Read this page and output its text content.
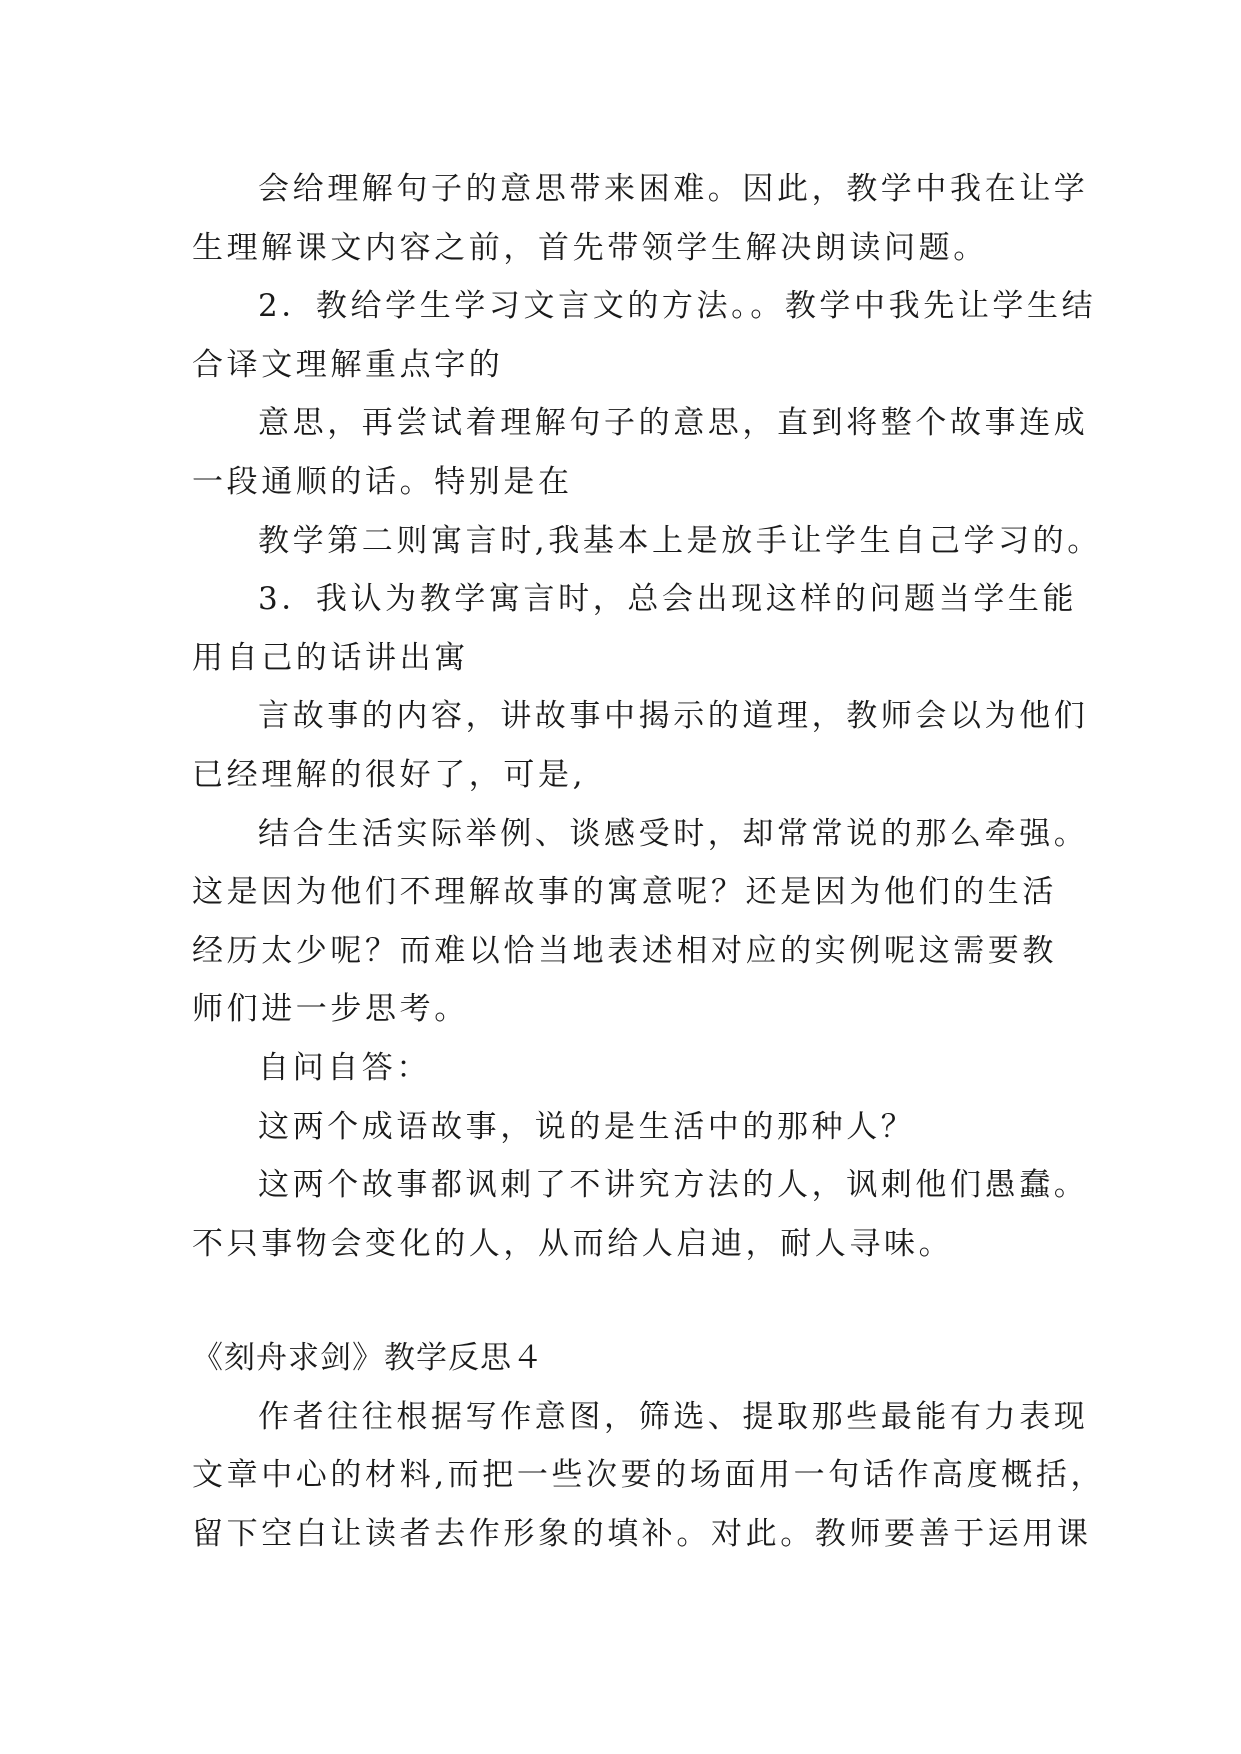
会给理解句子的意思带来困难。因此，教学中我在让学
生理解课文内容之前，首先带领学生解决朗读问题。
2．教给学生学习文言文的方法。。教学中我先让学生结
合译文理解重点字的
意思，再尝试着理解句子的意思，直到将整个故事连成
一段通顺的话。特别是在
教学第二则寓言时,我基本上是放手让学生自己学习的。
3．我认为教学寓言时，总会出现这样的问题当学生能
用自己的话讲出寓
言故事的内容，讲故事中揭示的道理，教师会以为他们
已经理解的很好了，可是,
结合生活实际举例、谈感受时，却常常说的那么牵强。
这是因为他们不理解故事的寓意呢？还是因为他们的生活
经历太少呢？而难以恰当地表述相对应的实例呢这需要教
师们进一步思考。
自问自答：
这两个成语故事，说的是生活中的那种人？
这两个故事都讽刺了不讲究方法的人，讽刺他们愚蠢。
不只事物会变化的人，从而给人启迪，耐人寻味。
《刻舟求剑》教学反思４
作者往往根据写作意图，筛选、提取那些最能有力表现
文章中心的材料,而把一些次要的场面用一句话作高度概括，
留下空白让读者去作形象的填补。对此。教师要善于运用课
